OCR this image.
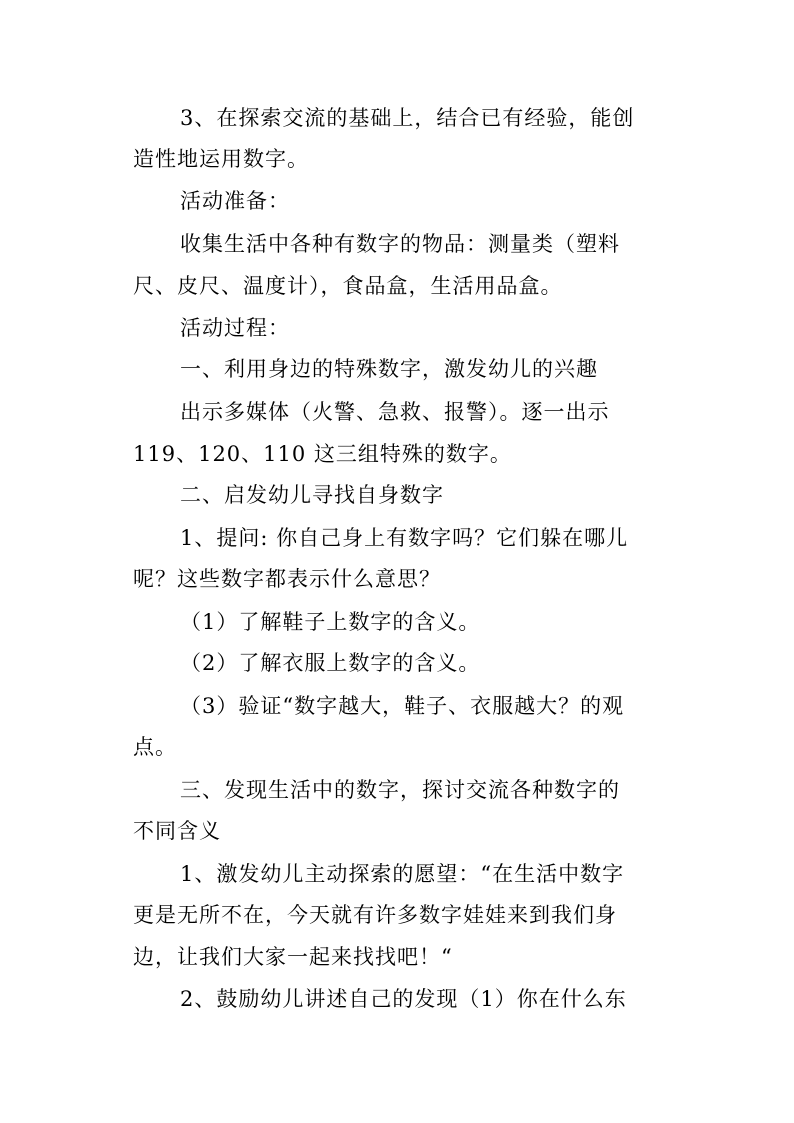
3、在探索交流的基础上，结合已有经验，能创
造性地运用数字。
活动准备：
收集生活中各种有数字的物品：测量类（塑料
尺、皮尺、温度计），食品盒，生活用品盒。
活动过程：
一、利用身边的特殊数字，激发幼儿的兴趣
出示多媒体（火警、急救、报警）。逐一出示
119、120、110 这三组特殊的数字。
二、启发幼儿寻找自身数字
1、提问: 你自己身上有数字吗？它们躲在哪儿
呢？这些数字都表示什么意思？
（1）了解鞋子上数字的含义。
（2）了解衣服上数字的含义。
（3）验证“数字越大，鞋子、衣服越大？的观
点。
三、发现生活中的数字，探讨交流各种数字的
不同含义
1、激发幼儿主动探索的愿望：“在生活中数字
更是无所不在，今天就有许多数字娃娃来到我们身
边，让我们大家一起来找找吧！“
2、鼓励幼儿讲述自己的发现（1）你在什么东
